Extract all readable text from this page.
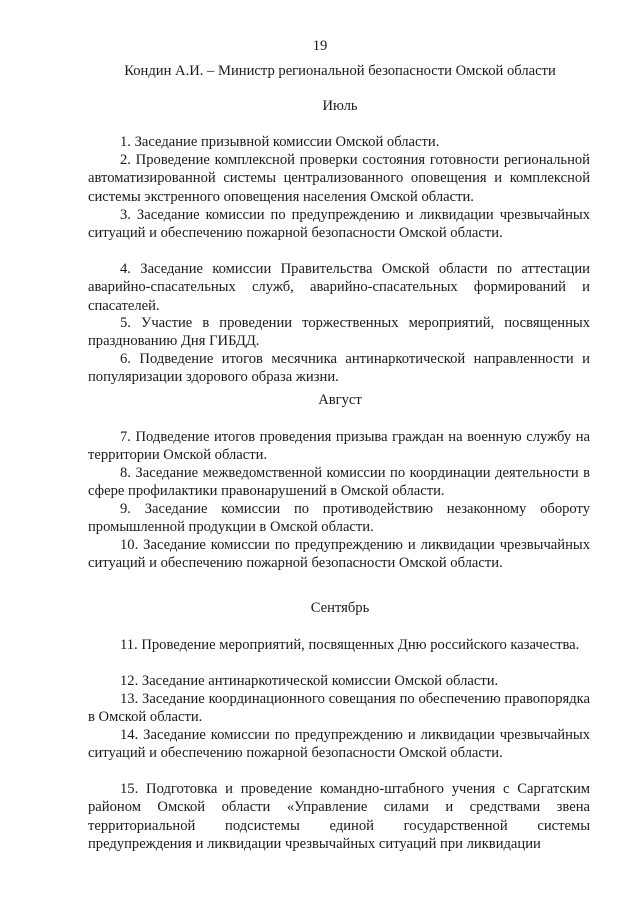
19
Кондин А.И. – Министр региональной безопасности Омской области
Июль
1. Заседание призывной комиссии Омской области.
2. Проведение комплексной проверки состояния готовности региональной автоматизированной системы централизованного оповещения и комплексной системы экстренного оповещения населения Омской области.
3. Заседание комиссии по предупреждению и ликвидации чрезвычайных ситуаций и обеспечению пожарной безопасности Омской области.
4. Заседание комиссии Правительства Омской области по аттестации аварийно-спасательных служб, аварийно-спасательных формирований и спасателей.
5. Участие в проведении торжественных мероприятий, посвященных празднованию Дня ГИБДД.
6. Подведение итогов месячника антинаркотической направленности и популяризации здорового образа жизни.
Август
7. Подведение итогов проведения призыва граждан на военную службу на территории Омской области.
8. Заседание межведомственной комиссии по координации деятельности в сфере профилактики правонарушений в Омской области.
9. Заседание комиссии по противодействию незаконному обороту промышленной продукции в Омской области.
10. Заседание комиссии по предупреждению и ликвидации чрезвычайных ситуаций и обеспечению пожарной безопасности Омской области.
Сентябрь
11. Проведение мероприятий, посвященных Дню российского казачества.
12. Заседание антинаркотической комиссии Омской области.
13. Заседание координационного совещания по обеспечению правопорядка в Омской области.
14. Заседание комиссии по предупреждению и ликвидации чрезвычайных ситуаций и обеспечению пожарной безопасности Омской области.
15. Подготовка и проведение командно-штабного учения с Саргатским районом Омской области «Управление силами и средствами звена территориальной подсистемы единой государственной системы предупреждения и ликвидации чрезвычайных ситуаций при ликвидации
